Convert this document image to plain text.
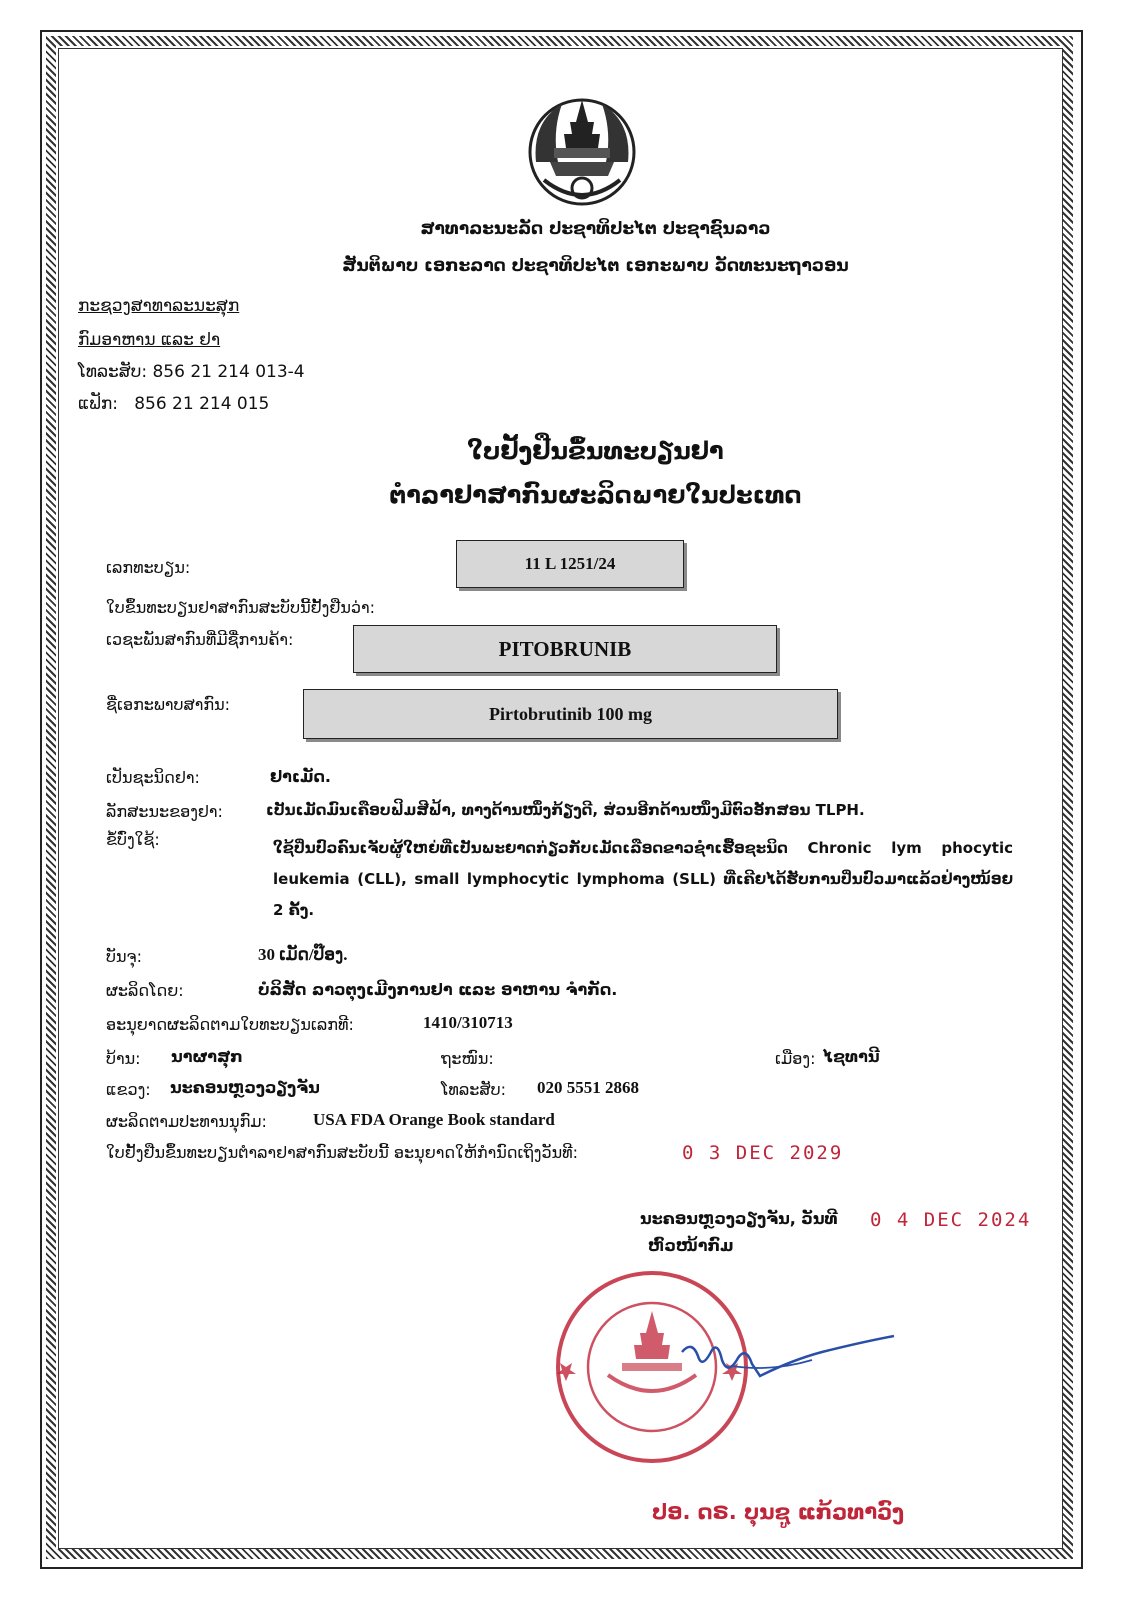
ສາທາລະນະລັດ ປະຊາທິປະໄຕ ປະຊາຊົນລາວ
ສັນຕິພາບ ເອກະລາດ ປະຊາທິປະໄຕ ເອກະພາບ ວັດທະນະຖາວອນ
ກະຊວງສາທາລະນະສຸກ
ກົມອາຫານ ແລະ ຢາ
ໂທລະສັບ: 856 21 214 013-4
ແຟັກ: 856 21 214 015
ໃບຢັ້ງຢືນຂຶ້ນທະບຽນຢາ
ຕຳລາຢາສາກົນຜະລິດພາຍໃນປະເທດ
ເລກທະບຽນ:	11 L 1251/24
ໃບຂຶ້ນທະບຽນຢາສາກົນສະບັບນີ້ຢັ້ງຢືນວ່າ:
ເວຊະພັນສາກົນທີ່ມີຊື່ການຄ້າ:	PITOBRUNIB
ຊື່ເອກະພາບສາກົນ:	Pirtobrutinib 100 mg
ເປັນຊະນິດຢາ:	ຢາເມັດ.
ລັກສະນະຂອງຢາ:	ເປັນເມັດມົນເຄືອບຟິມສີຟ້າ, ທາງດ້ານໜຶ່ງກ້ຽງດີ, ສ່ວນອີກດ້ານໜຶ່ງມີຕົວອັກສອນ TLPH.
ຂໍ້ບົ່ງໃຊ້:	ໃຊ້ປິ່ນປົວຄົນເຈັບຜູ້ໃຫຍ່ທີ່ເປັນພະຍາດກ່ຽວກັບເມັດເລືອດຂາວຊໍາເຮື້ອຊະນິດ Chronic lym phocytic leukemia (CLL), small lymphocytic lymphoma (SLL) ທີ່ເຄີຍໄດ້ຮັບການປິ່ນປົວມາແລ້ວຢ່າງໜ້ອຍ 2 ຄັ້ງ.
ບັນຈຸ:	30 ເມັດ/ປ໊ອງ.
ຜະລິດໂດຍ:	ບໍລິສັດ ລາວຕຸງເມີງການຢາ ແລະ ອາຫານ ຈຳກັດ.
ອະນຸຍາດຜະລິດຕາມໃບທະບຽນເລກທີ:	1410/310713
ບ້ານ: ນາຜາສຸກ	ຖະໜົນ:	ເມືອງ: ໄຊທານີ
ແຂວງ: ນະຄອນຫຼວງວຽງຈັນ	ໂທລະສັບ: 020 5551 2868
ຜະລິດຕາມປະທານນຸກົມ:	USA FDA Orange Book standard
ໃບຢັ້ງຢືນຂຶ້ນທະບຽນຕຳລາຢາສາກົນສະບັບນີ້ ອະນຸຍາດໃຫ້ກຳນົດເຖິງວັນທີ:	0 3 DEC 2029
ນະຄອນຫຼວງວຽງຈັນ, ວັນທີ 0 4 DEC 2024
ຫົວໜ້າກົມ
ປອ. ດຣ. ບຸນຊູ ແກ້ວທາວົງ
